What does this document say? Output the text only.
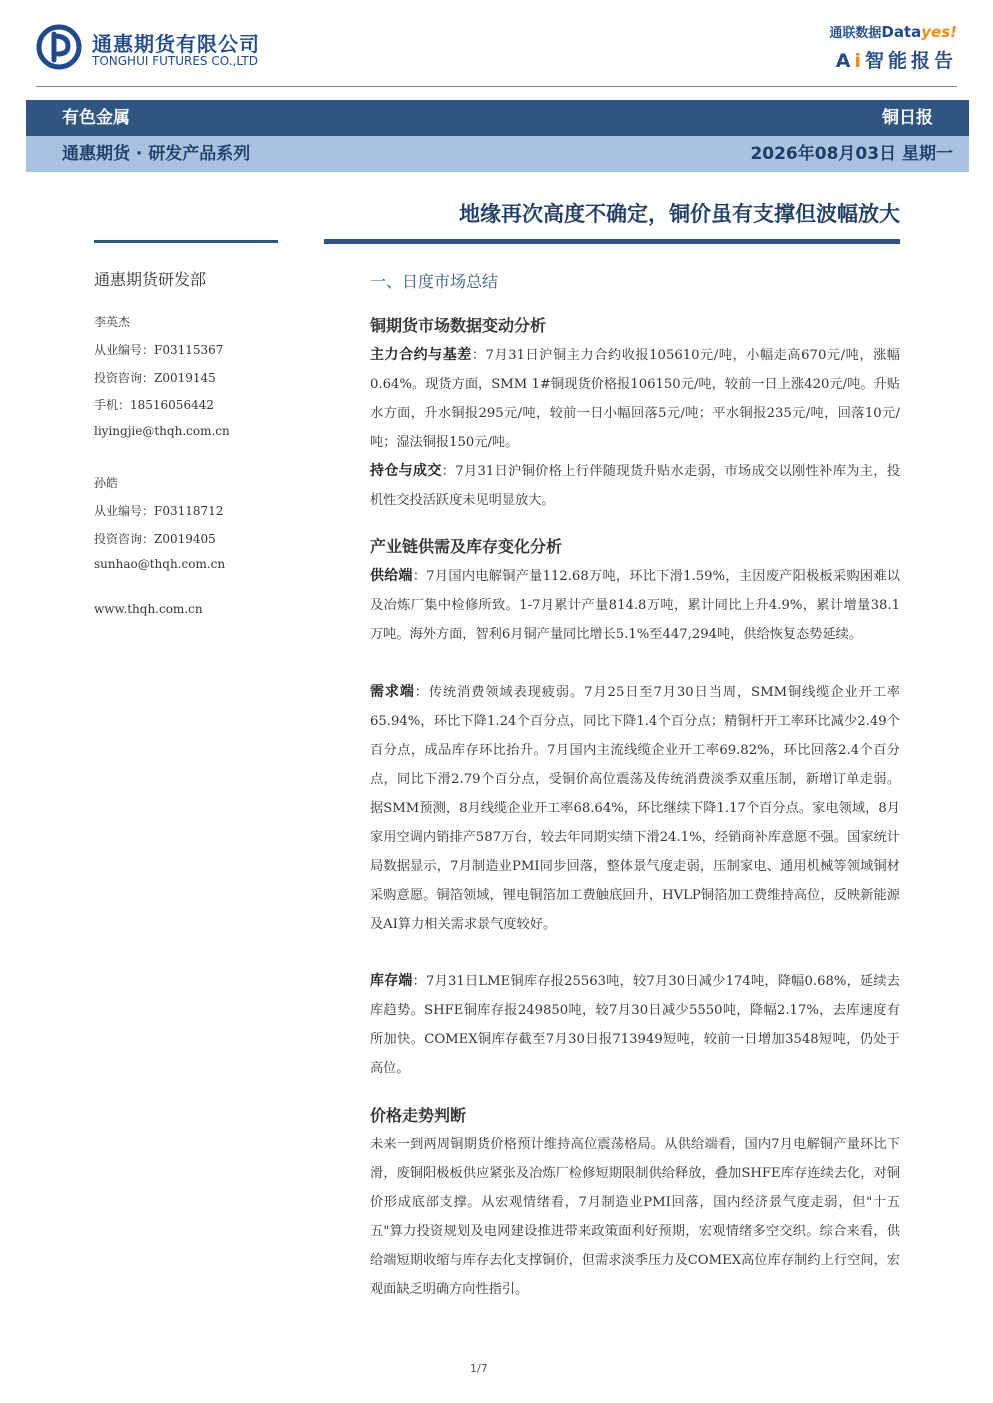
通惠期货有限公司
TONGHUI FUTURES CO.,LTD
通联数据Datayes!
Ai智能报告
有色金属	铜日报
通惠期货 · 研发产品系列	2026年08月03日 星期一
地缘再次高度不确定，铜价虽有支撑但波幅放大
通惠期货研发部
李英杰
从业编号：F03115367
投资咨询：Z0019145
手机：18516056442
liyingjie@thqh.com.cn
孙皓
从业编号：F03118712
投资咨询：Z0019405
sunhao@thqh.com.cn
www.thqh.com.cn
一、日度市场总结
铜期货市场数据变动分析
主力合约与基差：7月31日沪铜主力合约收报105610元/吨，小幅走高670元/吨，涨幅0.64%。现货方面，SMM 1#铜现货价格报106150元/吨，较前一日上涨420元/吨。升贴水方面，升水铜报295元/吨，较前一日小幅回落5元/吨；平水铜报235元/吨，回落10元/吨；湿法铜报150元/吨。
持仓与成交：7月31日沪铜价格上行伴随现货升贴水走弱，市场成交以刚性补库为主，投机性交投活跃度未见明显放大。
产业链供需及库存变化分析
供给端：7月国内电解铜产量112.68万吨，环比下滑1.59%，主因废产阳极板采购困难以及冶炼厂集中检修所致。1-7月累计产量814.8万吨，累计同比上升4.9%，累计增量38.1万吨。海外方面，智利6月铜产量同比增长5.1%至447,294吨，供给恢复态势延续。
需求端：传统消费领域表现疲弱。7月25日至7月30日当周，SMM铜线缆企业开工率65.94%，环比下降1.24个百分点，同比下降1.4个百分点；精铜杆开工率环比减少2.49个百分点，成品库存环比抬升。7月国内主流线缆企业开工率69.82%，环比回落2.4个百分点，同比下滑2.79个百分点，受铜价高位震荡及传统消费淡季双重压制，新增订单走弱。据SMM预测，8月线缆企业开工率68.64%，环比继续下降1.17个百分点。家电领域，8月家用空调内销排产587万台，较去年同期实绩下滑24.1%，经销商补库意愿不强。国家统计局数据显示，7月制造业PMI同步回落，整体景气度走弱，压制家电、通用机械等领域铜材采购意愿。铜箔领域，锂电铜箔加工费触底回升，HVLP铜箔加工费维持高位，反映新能源及AI算力相关需求景气度较好。
库存端：7月31日LME铜库存报25563吨，较7月30日减少174吨，降幅0.68%，延续去库趋势。SHFE铜库存报249850吨，较7月30日减少5550吨，降幅2.17%，去库速度有所加快。COMEX铜库存截至7月30日报713949短吨，较前一日增加3548短吨，仍处于高位。
价格走势判断
未来一到两周铜期货价格预计维持高位震荡格局。从供给端看，国内7月电解铜产量环比下滑，废铜阳极板供应紧张及冶炼厂检修短期限制供给释放，叠加SHFE库存连续去化，对铜价形成底部支撑。从宏观情绪看，7月制造业PMI回落，国内经济景气度走弱，但"十五五"算力投资规划及电网建设推进带来政策面利好预期，宏观情绪多空交织。综合来看，供给端短期收缩与库存去化支撑铜价，但需求淡季压力及COMEX高位库存制约上行空间，宏观面缺乏明确方向性指引。
1/7
